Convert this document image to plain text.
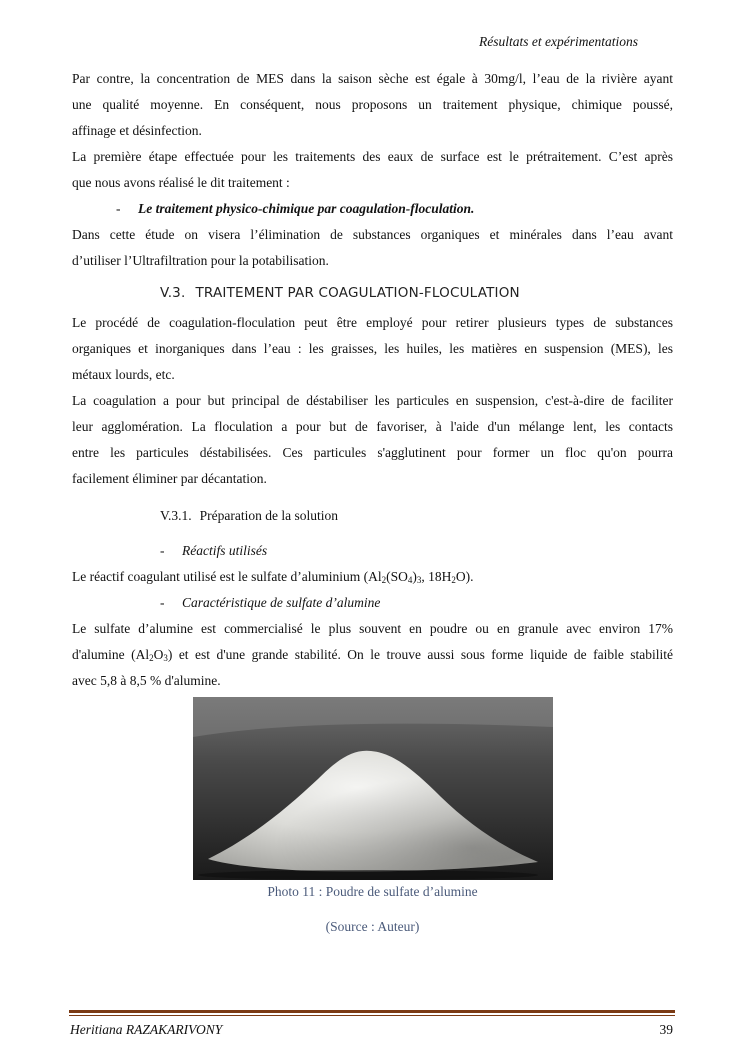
Résultats et expérimentations
Par contre, la concentration de MES dans la saison sèche est égale à 30mg/l, l’eau de la rivière ayant
une qualité moyenne. En conséquent, nous proposons un traitement physique, chimique poussé,
affinage et désinfection.
La première étape effectuée pour les traitements des eaux de surface est le prétraitement. C’est après
que nous avons réalisé le dit traitement :
- Le traitement physico-chimique par coagulation-floculation.
Dans cette étude on visera l’élimination de substances organiques et minérales dans l’eau avant
d’utiliser l’Ultrafiltration pour la potabilisation.
V.3. TRAITEMENT PAR COAGULATION-FLOCULATION
Le procédé de coagulation-floculation peut être employé pour retirer plusieurs types de substances
organiques et inorganiques dans l’eau : les graisses, les huiles, les matières en suspension (MES), les
métaux lourds, etc.
La coagulation a pour but principal de déstabiliser les particules en suspension, c'est-à-dire de faciliter
leur agglomération. La floculation a pour but de favoriser, à l'aide d'un mélange lent, les contacts
entre les particules déstabilisées. Ces particules s'agglutinent pour former un floc qu'on pourra
facilement éliminer par décantation.
V.3.1. Préparation de la solution
- Réactifs utilisés
Le réactif coagulant utilisé est le sulfate d’aluminium ($Al_2(SO_4)_3$, $18H_2O$).
- Caractéristique de sulfate d’alumine
Le sulfate d’alumine est commercialisé le plus souvent en poudre ou en granule avec environ 17%
d'alumine $(Al_2O_3)$ et est d'une grande stabilité. On le trouve aussi sous forme liquide de faible stabilité
avec 5,8 à 8,5 % d'alumine.
Photo 11 : Poudre de sulfate d’alumine
(Source : Auteur)
Heritiana RAZAKARIVONY	39
